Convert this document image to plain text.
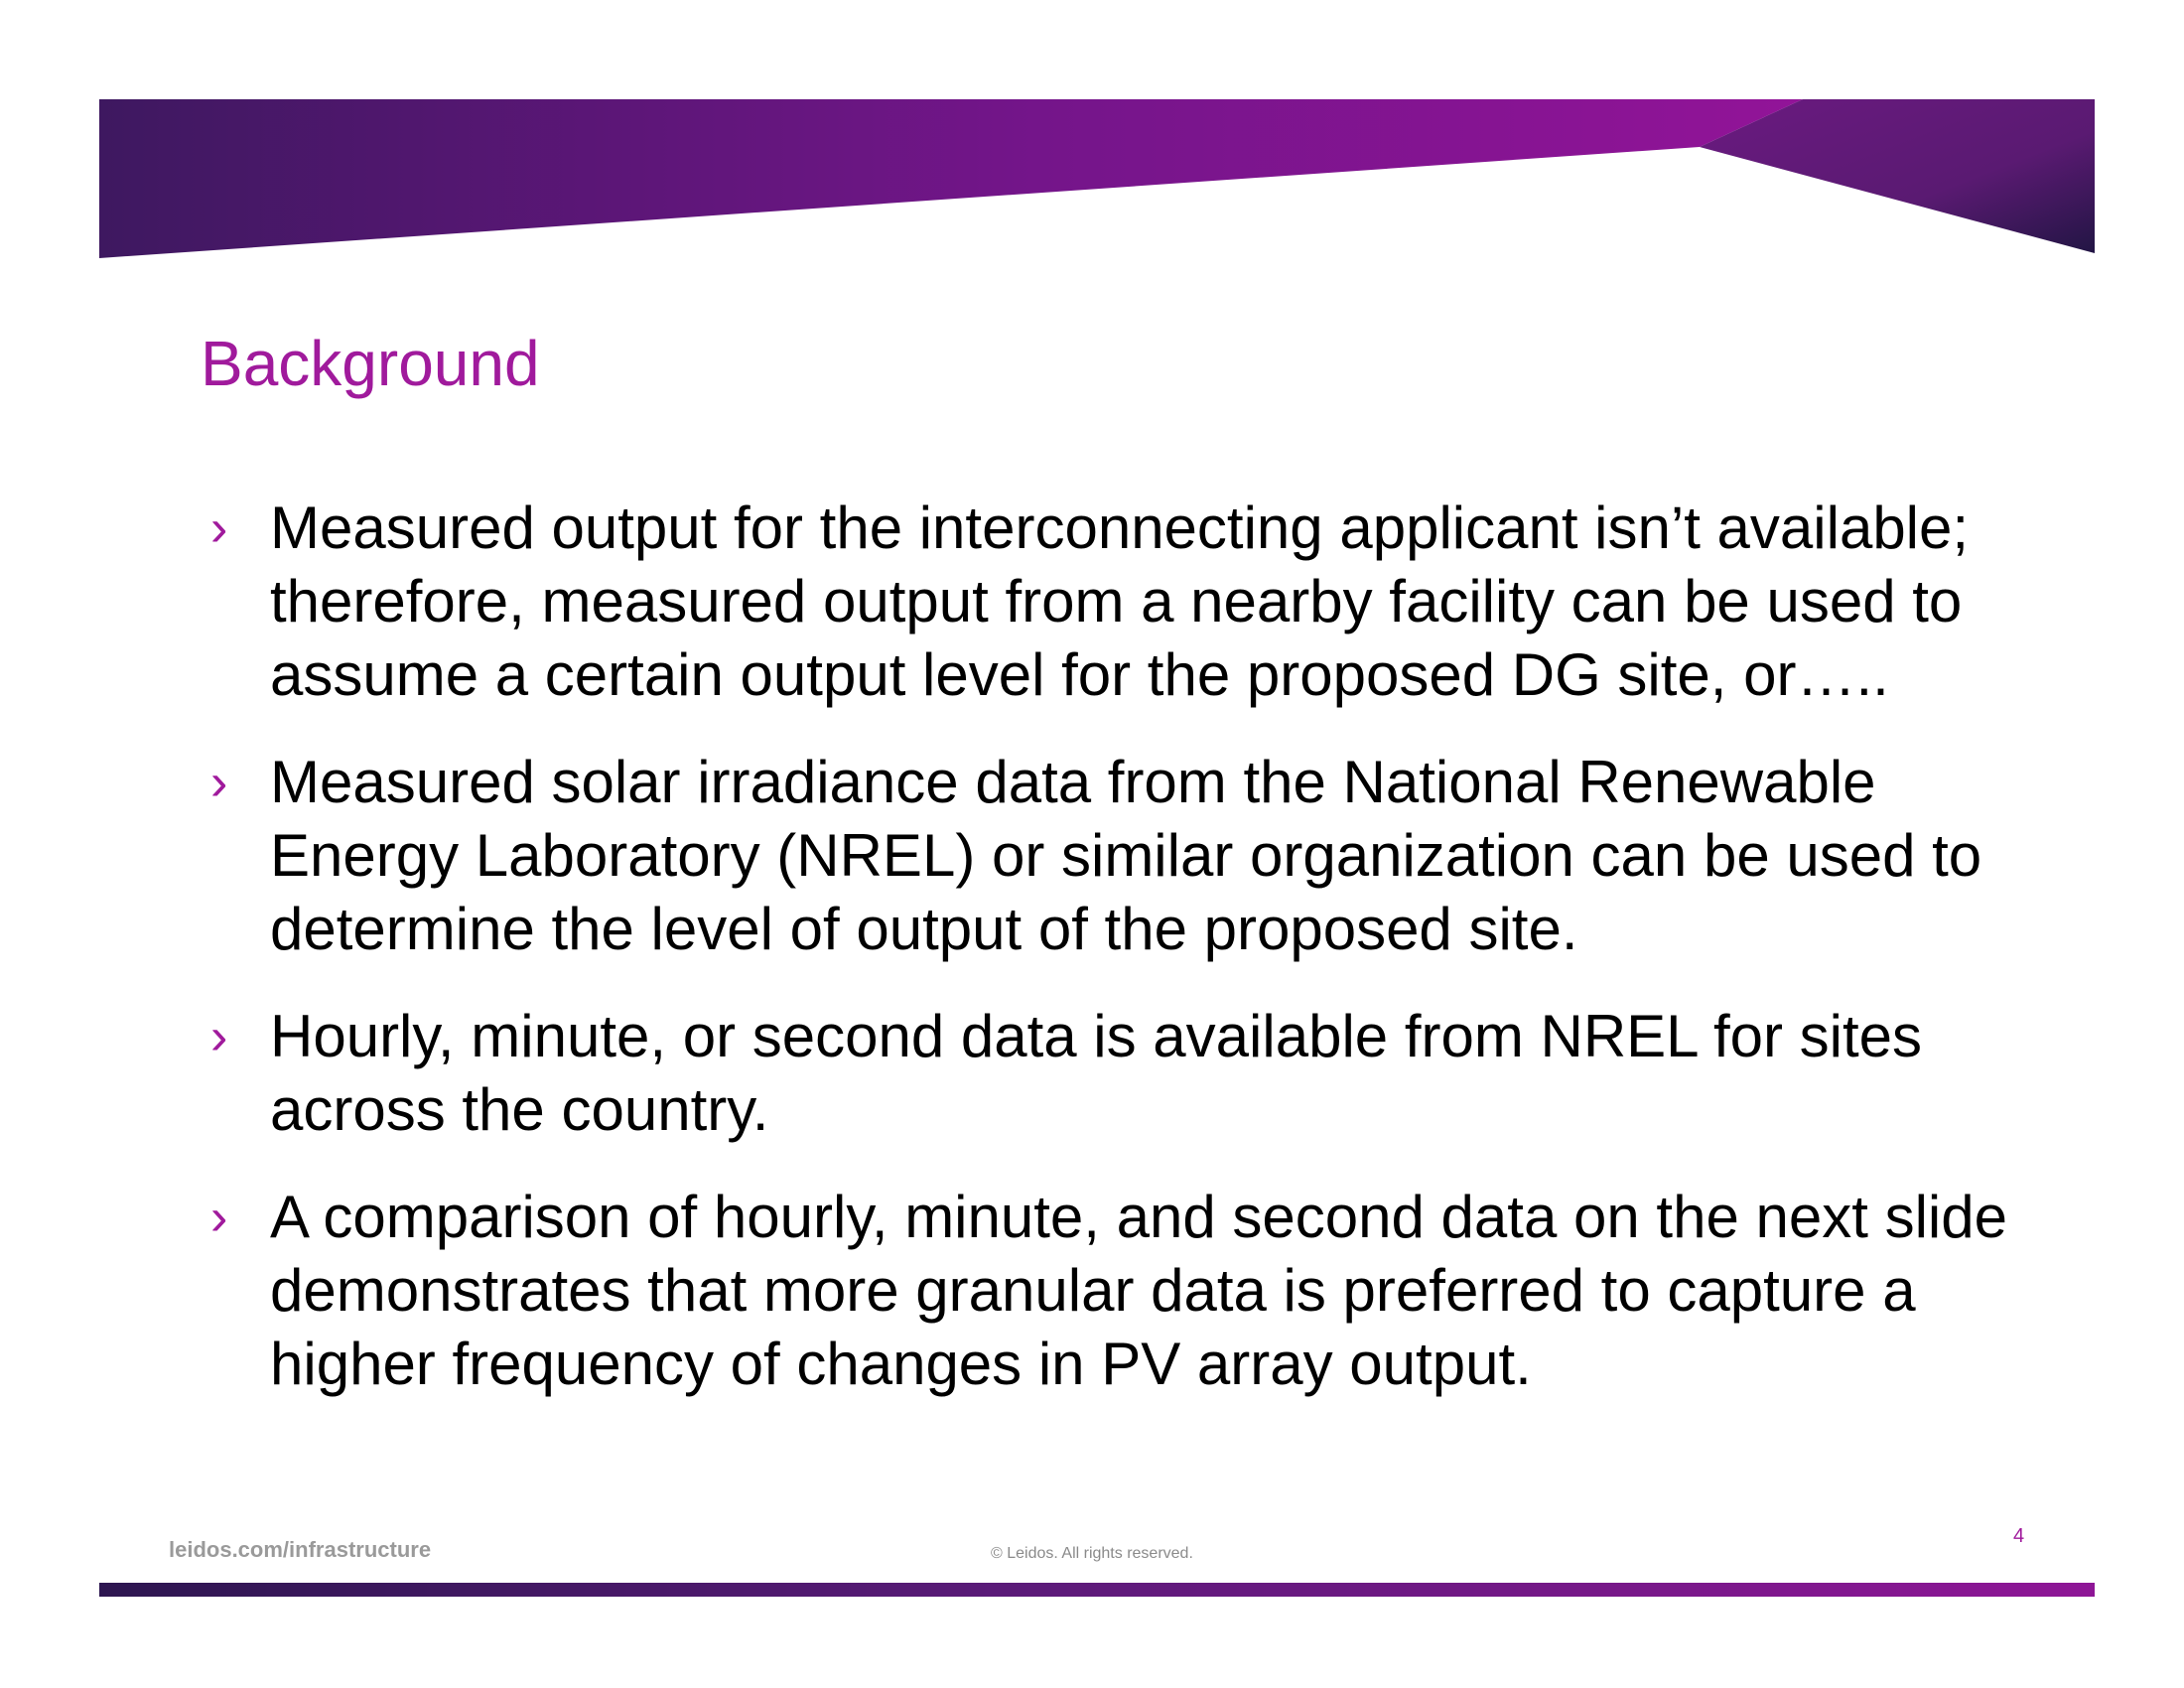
Background
› Measured output for the interconnecting applicant isn’t available; therefore, measured output from a nearby facility can be used to assume a certain output level for the proposed DG site, or…..
› Measured solar irradiance data from the National Renewable Energy Laboratory (NREL) or similar organization can be used to determine the level of output of the proposed site.
› Hourly, minute, or second data is available from NREL for sites across the country.
› A comparison of hourly, minute, and second data on the next slide demonstrates that more granular data is preferred to capture a higher frequency of changes in PV array output.
leidos.com/infrastructure	© Leidos. All rights reserved.
4
